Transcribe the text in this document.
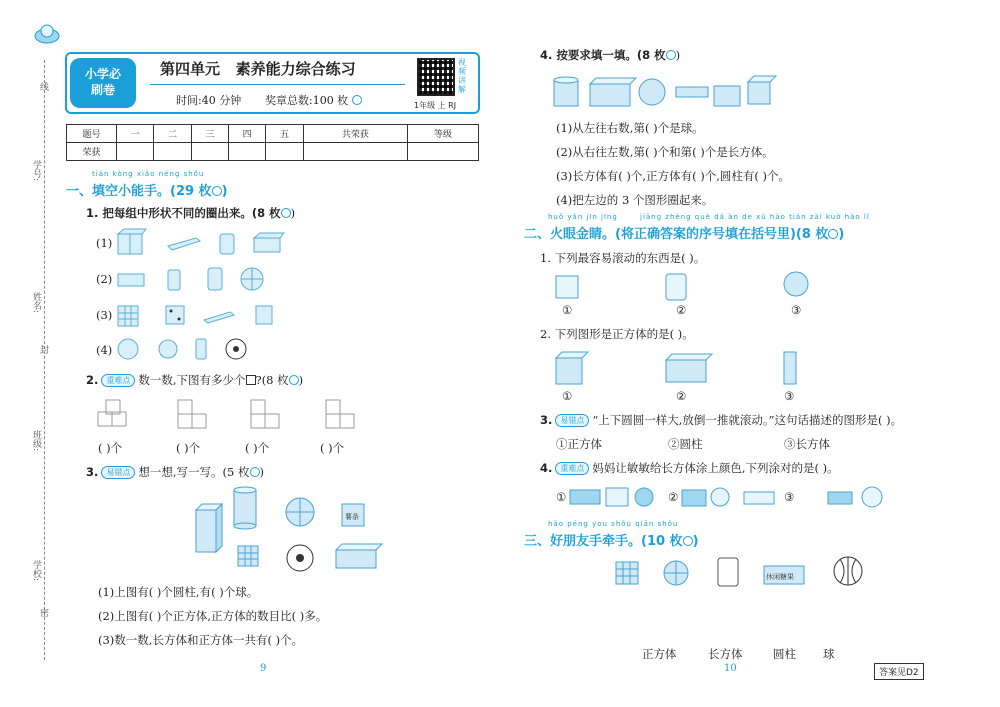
线
学号:
姓名:
封
班级:
学校:
密
小学必刷卷
第四单元   素养能力综合练习
时间:40 分钟 奖章总数:100 枚
视频讲解
1年级 上 RJ
题号	一	二	三	四	五	共荣获	等级
荣获							
tián kòng xiǎo néng shǒu
一、填空小能手。(29 枚 )
1. 把每组中形状不同的圈出来。(8 枚 )
(1)
(2)
(3)
(4)
2. 重难点 数一数,下图有多少个 ?(8 枚 )
( )个	( )个	( )个	( )个
3. 易错点 想一想,写一写。(5 枚 )
薯条
(1)上图有( )个圆柱,有( )个球。
(2)上图有( )个正方体,正方体的数目比( )多。
(3)数一数,长方体和正方体一共有( )个。
9
4. 按要求填一填。(8 枚 )
(1)从左往右数,第( )个是球。
(2)从右往左数,第( )个和第( )个是长方体。
(3)长方体有( )个,正方体有( )个,圆柱有( )个。
(4)把左边的 3 个图形圈起来。
huǒ yǎn jīn jīng	jiāng zhèng què dá àn de xù hào tián zài kuò hào lǐ
二、火眼金睛。(将正确答案的序号填在括号里)(8 枚 )
1. 下列最容易滚动的东西是( )。
①	②	③
2. 下列图形是正方体的是( )。
①	②	③
3. 易错点 “上下圆圆一样大,放倒一推就滚动。”这句话描述的图形是( )。
①正方体	②圆柱	③长方体
4. 重难点 妈妈让敏敏给长方体涂上颜色,下列涂对的是( )。
①	②	③
hǎo péng you shǒu qiān shǒu
三、好朋友手牵手。(10 枚 )
休闲糖果
正方体	长方体	圆柱 球
10	答案见D2
